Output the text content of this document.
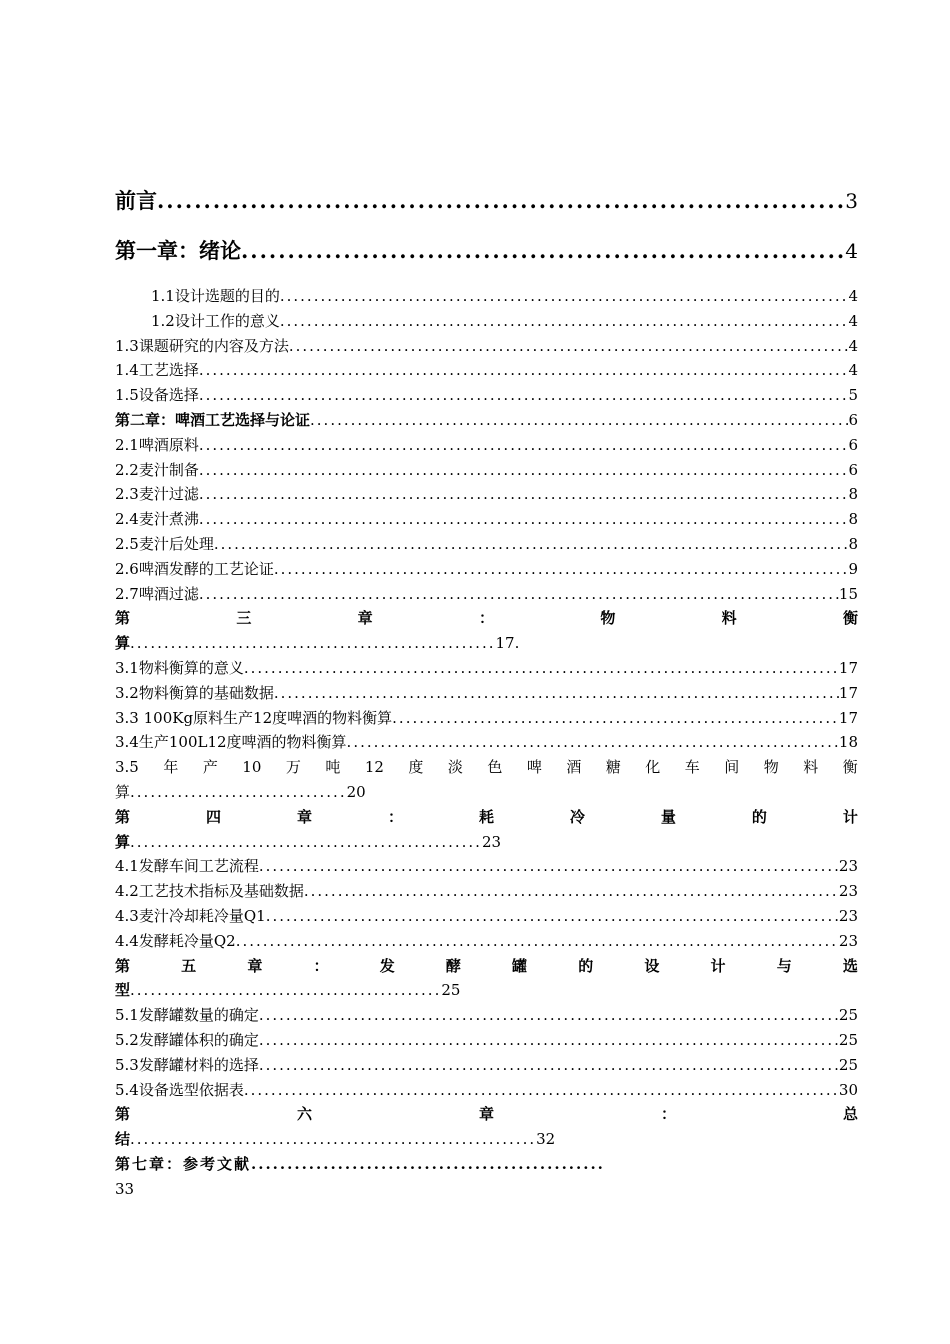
前言 .....	3
第一章：绪论 .....	4
1.1设计选题的目的 .....	4
1.2设计工作的意义 .....	4
1.3课题研究的内容及方法 .....	4
1.4工艺选择 .....	4
1.5设备选择 .....	5
第二章：啤酒工艺选择与论证 .....	6
2.1啤酒原料 .....	6
2.2麦汁制备 .....	6
2.3麦汁过滤 .....	8
2.4麦汁煮沸 .....	8
2.5麦汁后处理 .....	8
2.6啤酒发酵的工艺论证 .....	9
2.7啤酒过滤 .....	15
第	三	章	：	物	料	衡
算 ...................................................... 17.
3.1物料衡算的意义 .....	17
3.2物料衡算的基础数据 .....	17
3.3 100Kg原料生产12度啤酒的物料衡算 .....	17
3.4生产100L12度啤酒的物料衡算 .....	18
3.5 年 产 10 万 吨 12 度 淡 色 啤 酒 糖 化 车 间 物 料 衡
算 ................................ 20
第	四	章	：	耗	冷	量	的	计
算 .................................................... 23
4.1发酵车间工艺流程 .....	23
4.2工艺技术指标及基础数据 .....	23
4.3麦汁冷却耗冷量Q1 .....	23
4.4发酵耗冷量Q2 .....	23
第	五	章	：	发	酵	罐	的	设	计	与	选
型 .............................................. 25
5.1发酵罐数量的确定 .....	25
5.2发酵罐体积的确定 .....	25
5.3发酵罐材料的选择 .....	25
5.4设备选型依据表 .....	30
第	六	章	：	总
结 ............................................................ 32
第七章：参考文献 .................................................
33
